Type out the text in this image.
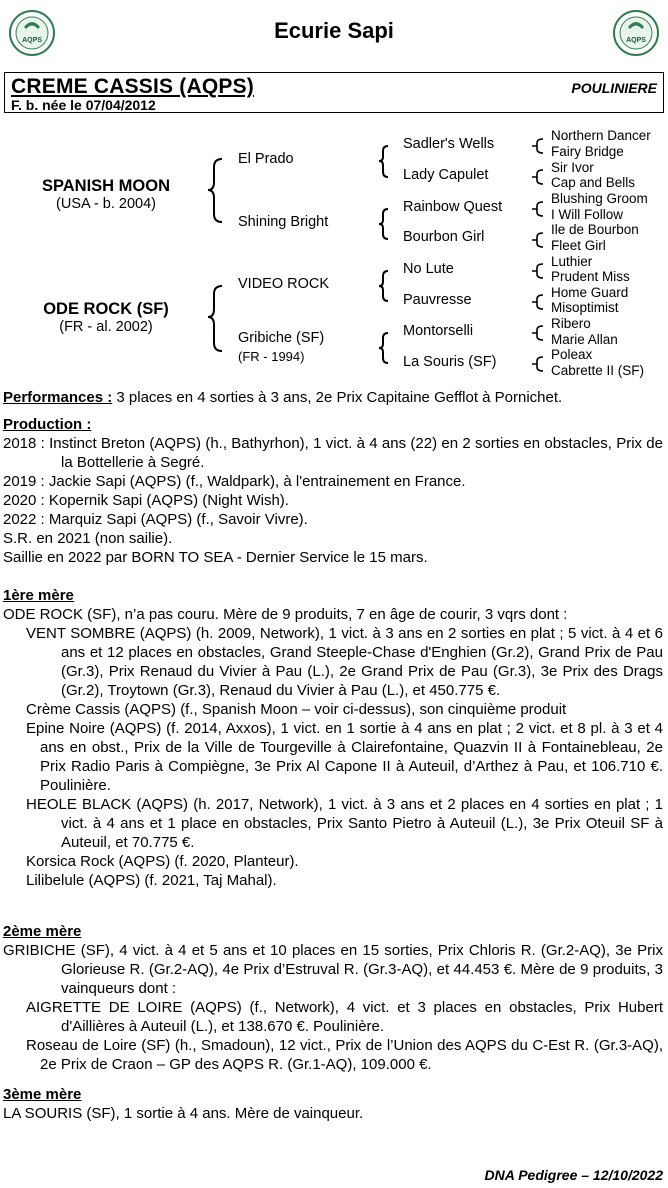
AQPS	Ecurie Sapi	AQPS
CREME CASSIS (AQPS)
F. b. née le 07/04/2012
POULINIERE
SPANISH MOON
(USA - b. 2004)
ODE ROCK (SF)
(FR - al. 2002)
El Prado
Shining Bright
VIDEO ROCK
Gribiche (SF)
(FR - 1994)
Sadler's Wells
Lady Capulet
Rainbow Quest
Bourbon Girl
No Lute
Pauvresse
Montorselli
La Souris (SF)
Northern Dancer
Fairy Bridge
Sir Ivor
Cap and Bells
Blushing Groom
I Will Follow
Ile de Bourbon
Fleet Girl
Luthier
Prudent Miss
Home Guard
Misoptimist
Ribero
Marie Allan
Poleax
Cabrette II (SF)
Performances : 3 places en 4 sorties à 3 ans, 2e Prix Capitaine Gefflot à Pornichet.

Production :

2018 : Instinct Breton (AQPS) (h., Bathyrhon), 1 vict. à 4 ans (22) en 2 sorties en obstacles, Prix de la Bottellerie à Segré.

2019 : Jackie Sapi (AQPS) (f., Waldpark), à l'entrainement en France.

2020 : Kopernik Sapi (AQPS) (Night Wish).

2022 : Marquiz Sapi (AQPS) (f., Savoir Vivre).

S.R. en 2021 (non sailie).

Saillie en 2022 par BORN TO SEA - Dernier Service le 15 mars.

1ère mère

ODE ROCK (SF), n’a pas couru. Mère de 9 produits, 7 en âge de courir, 3 vqrs dont :

VENT SOMBRE (AQPS) (h. 2009, Network), 1 vict. à 3 ans en 2 sorties en plat ; 5 vict. à 4 et 6 ans et 12 places en obstacles, Grand Steeple-Chase d'Enghien (Gr.2), Grand Prix de Pau (Gr.3), Prix Renaud du Vivier à Pau (L.), 2e Grand Prix de Pau (Gr.3), 3e Prix des Drags (Gr.2), Troytown (Gr.3), Renaud du Vivier à Pau (L.), et 450.775 €.

Crème Cassis (AQPS) (f., Spanish Moon – voir ci-dessus), son cinquième produit

Epine Noire (AQPS) (f. 2014, Axxos), 1 vict. en 1 sortie à 4 ans en plat ; 2 vict. et 8 pl. à 3 et 4 ans en obst., Prix de la Ville de Tourgeville à Clairefontaine, Quazvin II à Fontainebleau, 2e Prix Radio Paris à Compiègne, 3e Prix Al Capone II à Auteuil, d’Arthez à Pau, et 106.710 €. Poulinière.

HEOLE BLACK (AQPS) (h. 2017, Network), 1 vict. à 3 ans et 2 places en 4 sorties en plat ; 1 vict. à 4 ans et 1 place en obstacles, Prix Santo Pietro à Auteuil (L.), 3e Prix Oteuil SF à Auteuil, et 70.775 €.

Korsica Rock (AQPS) (f. 2020, Planteur).

Lilibelule (AQPS) (f. 2021, Taj Mahal).

2ème mère

GRIBICHE (SF), 4 vict. à 4 et 5 ans et 10 places en 15 sorties, Prix Chloris R. (Gr.2-AQ), 3e Prix Glorieuse R. (Gr.2-AQ), 4e Prix d’Estruval R. (Gr.3-AQ), et 44.453 €. Mère de 9 produits, 3 vainqueurs dont :

AIGRETTE DE LOIRE (AQPS) (f., Network), 4 vict. et 3 places en obstacles, Prix Hubert d'Aillières à Auteuil (L.), et 138.670 €. Poulinière.

Roseau de Loire (SF) (h., Smadoun), 12 vict., Prix de l’Union des AQPS du C-Est R. (Gr.3-AQ), 2e Prix de Craon – GP des AQPS R. (Gr.1-AQ), 109.000 €.

3ème mère

LA SOURIS (SF), 1 sortie à 4 ans. Mère de vainqueur.

DNA Pedigree – 12/10/2022
